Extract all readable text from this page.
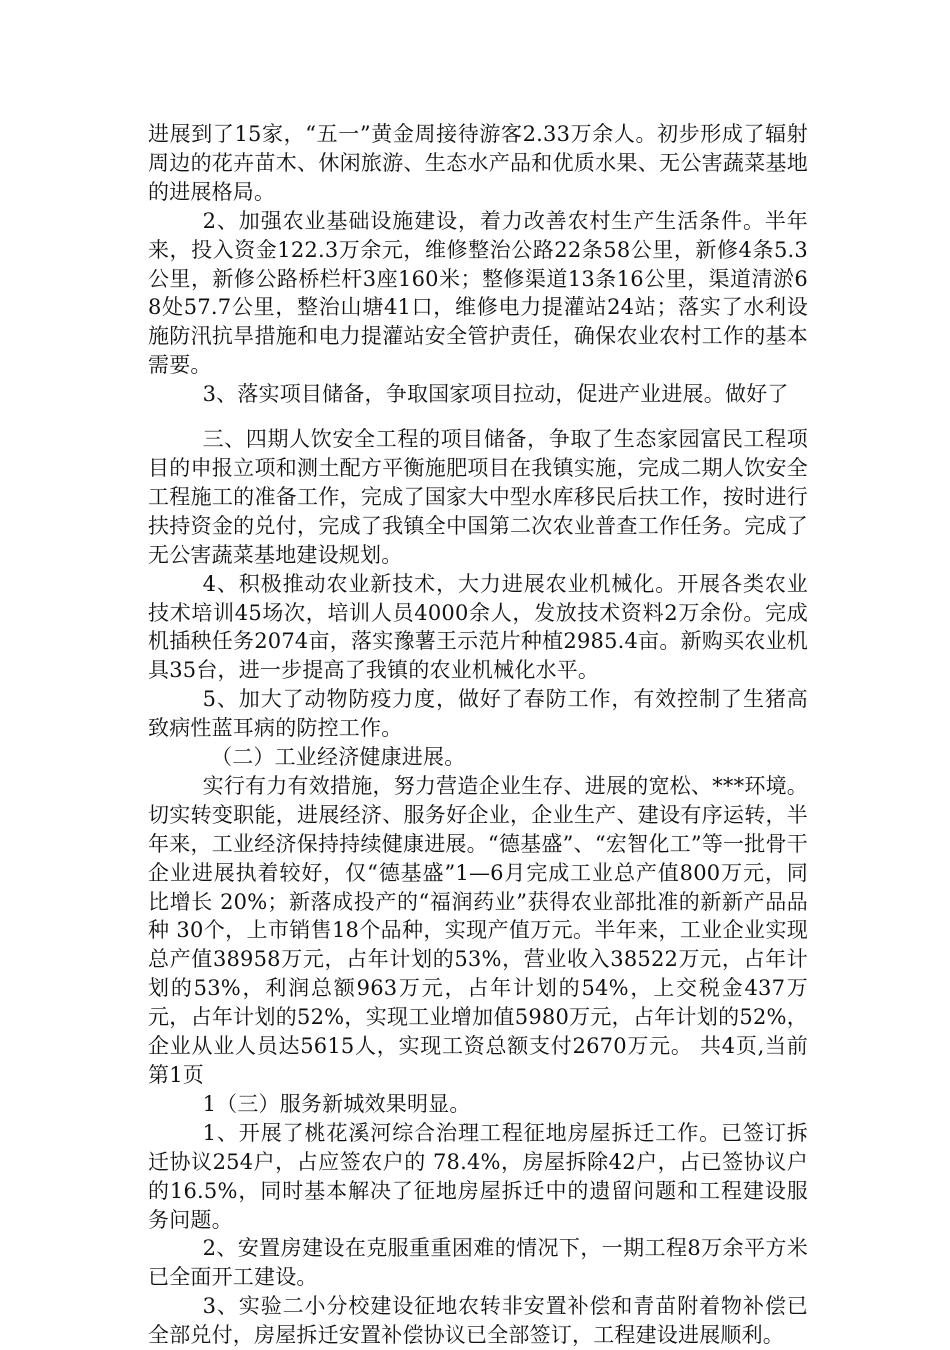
进展到了15家，“五一”黄金周接待游客2.33万余人。初步形成了辐射周边的花卉苗木、休闲旅游、生态水产品和优质水果、无公害蔬菜基地的进展格局。

2、加强农业基础设施建设，着力改善农村生产生活条件。半年来，投入资金122.3万余元，维修整治公路22条58公里，新修4条5.3公里，新修公路桥栏杆3座160米；整修渠道13条16公里，渠道清淤68处57.7公里，整治山塘41口，维修电力提灌站24站；落实了水利设施防汛抗旱措施和电力提灌站安全管护责任，确保农业农村工作的基本需要。

3、落实项目储备，争取国家项目拉动，促进产业进展。做好了

三、四期人饮安全工程的项目储备，争取了生态家园富民工程项目的申报立项和测土配方平衡施肥项目在我镇实施，完成二期人饮安全工程施工的准备工作，完成了国家大中型水库移民后扶工作，按时进行扶持资金的兑付，完成了我镇全中国第二次农业普查工作任务。完成了无公害蔬菜基地建设规划。

4、积极推动农业新技术，大力进展农业机械化。开展各类农业技术培训45场次，培训人员4000余人，发放技术资料2万余份。完成机插秧任务2074亩，落实豫薯王示范片种植2985.4亩。新购买农业机具35台，进一步提高了我镇的农业机械化水平。

5、加大了动物防疫力度，做好了春防工作，有效控制了生猪高致病性蓝耳病的防控工作。

（二）工业经济健康进展。

实行有力有效措施，努力营造企业生存、进展的宽松、***环境。切实转变职能，进展经济、服务好企业，企业生产、建设有序运转，半年来，工业经济保持持续健康进展。“德基盛”、“宏智化工”等一批骨干企业进展执着较好，仅“德基盛”1—6月完成工业总产值800万元，同比增长 20%；新落成投产的“福润药业”获得农业部批准的新新产品品种 30个，上市销售18个品种，实现产值万元。半年来，工业企业实现总产值38958万元，占年计划的53%，营业收入38522万元，占年计划的53%，利润总额963万元，占年计划的54%，上交税金437万元，占年计划的52%，实现工业增加值5980万元，占年计划的52%，企业从业人员达5615人，实现工资总额支付2670万元。 共4页,当前第1页

1（三）服务新城效果明显。

1、开展了桃花溪河综合治理工程征地房屋拆迁工作。已签订拆迁协议254户，占应签农户的 78.4%，房屋拆除42户，占已签协议户的16.5%，同时基本解决了征地房屋拆迁中的遗留问题和工程建设服务问题。

2、安置房建设在克服重重困难的情况下，一期工程8万余平方米已全面开工建设。

3、实验二小分校建设征地农转非安置补偿和青苗附着物补偿已全部兑付，房屋拆迁安置补偿协议已全部签订，工程建设进展顺利。
